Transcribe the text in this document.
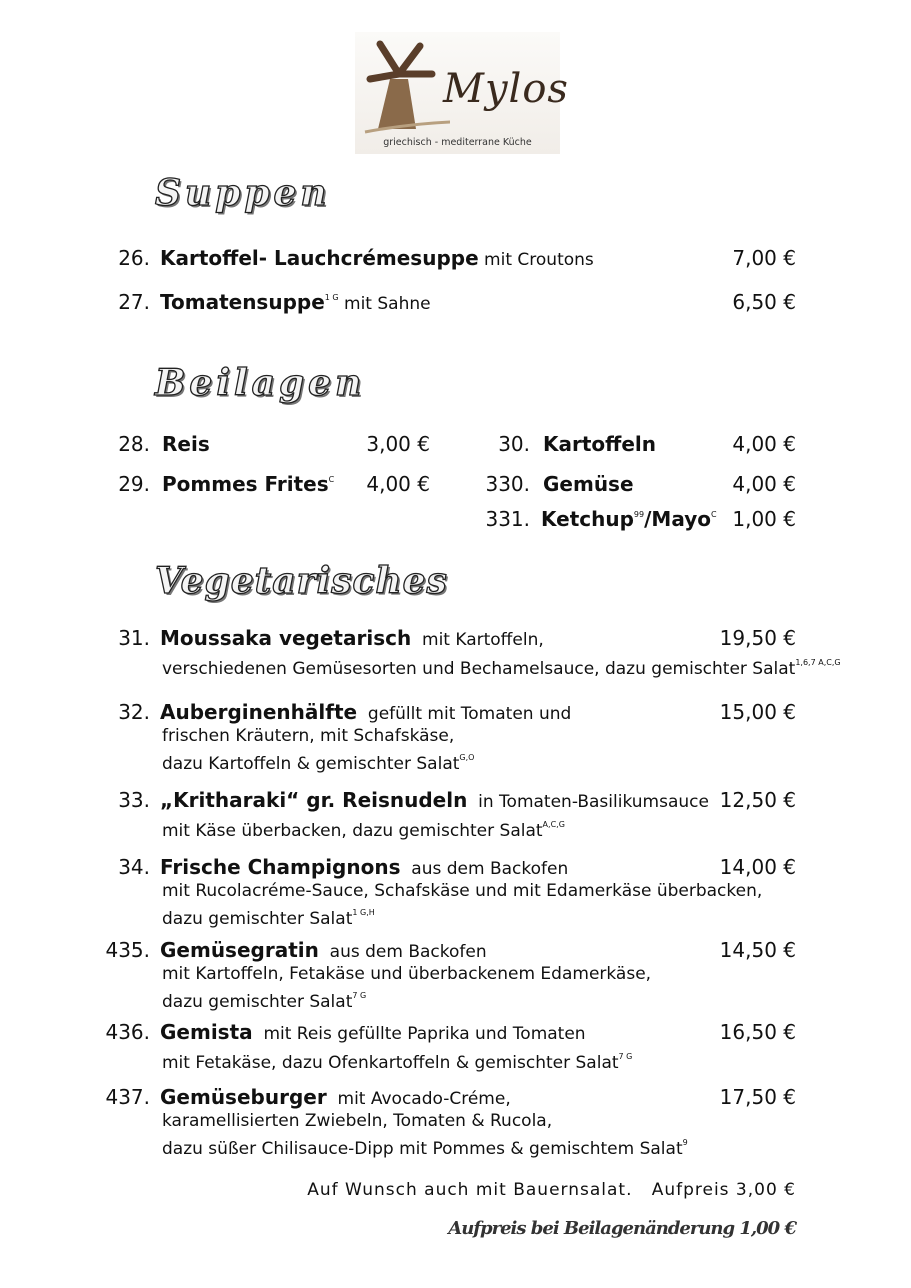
Mylos
griechisch - mediterrane Küche
Suppen
Beilagen
Vegetarisches
26. Kartoffel- Lauchcrémesuppe mit Croutons	7,00 €
27. Tomatensuppe$^{1 G}$ mit Sahne	6,50 €
28. Reis	3,00 €
29. Pommes Frites$^C$ 4,00 €
30. Kartoffeln	4,00 €
330. Gemüse	4,00 €
331. Ketchup$^{99}$/Mayo$^C$ 1,00 €
31. Moussaka vegetarisch  mit Kartoffeln,	19,50 €
verschiedenen Gemüsesorten und Bechamelsauce, dazu gemischter Salat$^{1,6,7 A,C,G}$
32. Auberginenhälfte  gefüllt mit Tomaten und	15,00 €
frischen Kräutern, mit Schafskäse,
dazu Kartoffeln & gemischter Salat$^{G,O}$
33. „Kritharaki“ gr. Reisnudeln  in Tomaten-Basilikumsauce 12,50 €
mit Käse überbacken, dazu gemischter Salat$^{A,C,G}$
34. Frische Champignons  aus dem Backofen	14,00 €
mit Rucolacréme-Sauce, Schafskäse und mit Edamerkäse überbacken,
dazu gemischter Salat$^{1 G,H}$
435. Gemüsegratin  aus dem Backofen	14,50 €
mit Kartoffeln, Fetakäse und überbackenem Edamerkäse,
dazu gemischter Salat$^{7 G}$
436. Gemista  mit Reis gefüllte Paprika und Tomaten	16,50 €
mit Fetakäse, dazu Ofenkartoffeln & gemischter Salat$^{7 G}$
437. Gemüseburger  mit Avocado-Créme,	17,50 €
karamellisierten Zwiebeln, Tomaten & Rucola,
dazu süßer Chilisauce-Dipp mit Pommes & gemischtem Salat$^9$
Auf Wunsch auch mit Bauernsalat.   Aufpreis 3,00 €
Aufpreis bei Beilagenänderung 1,00 €
